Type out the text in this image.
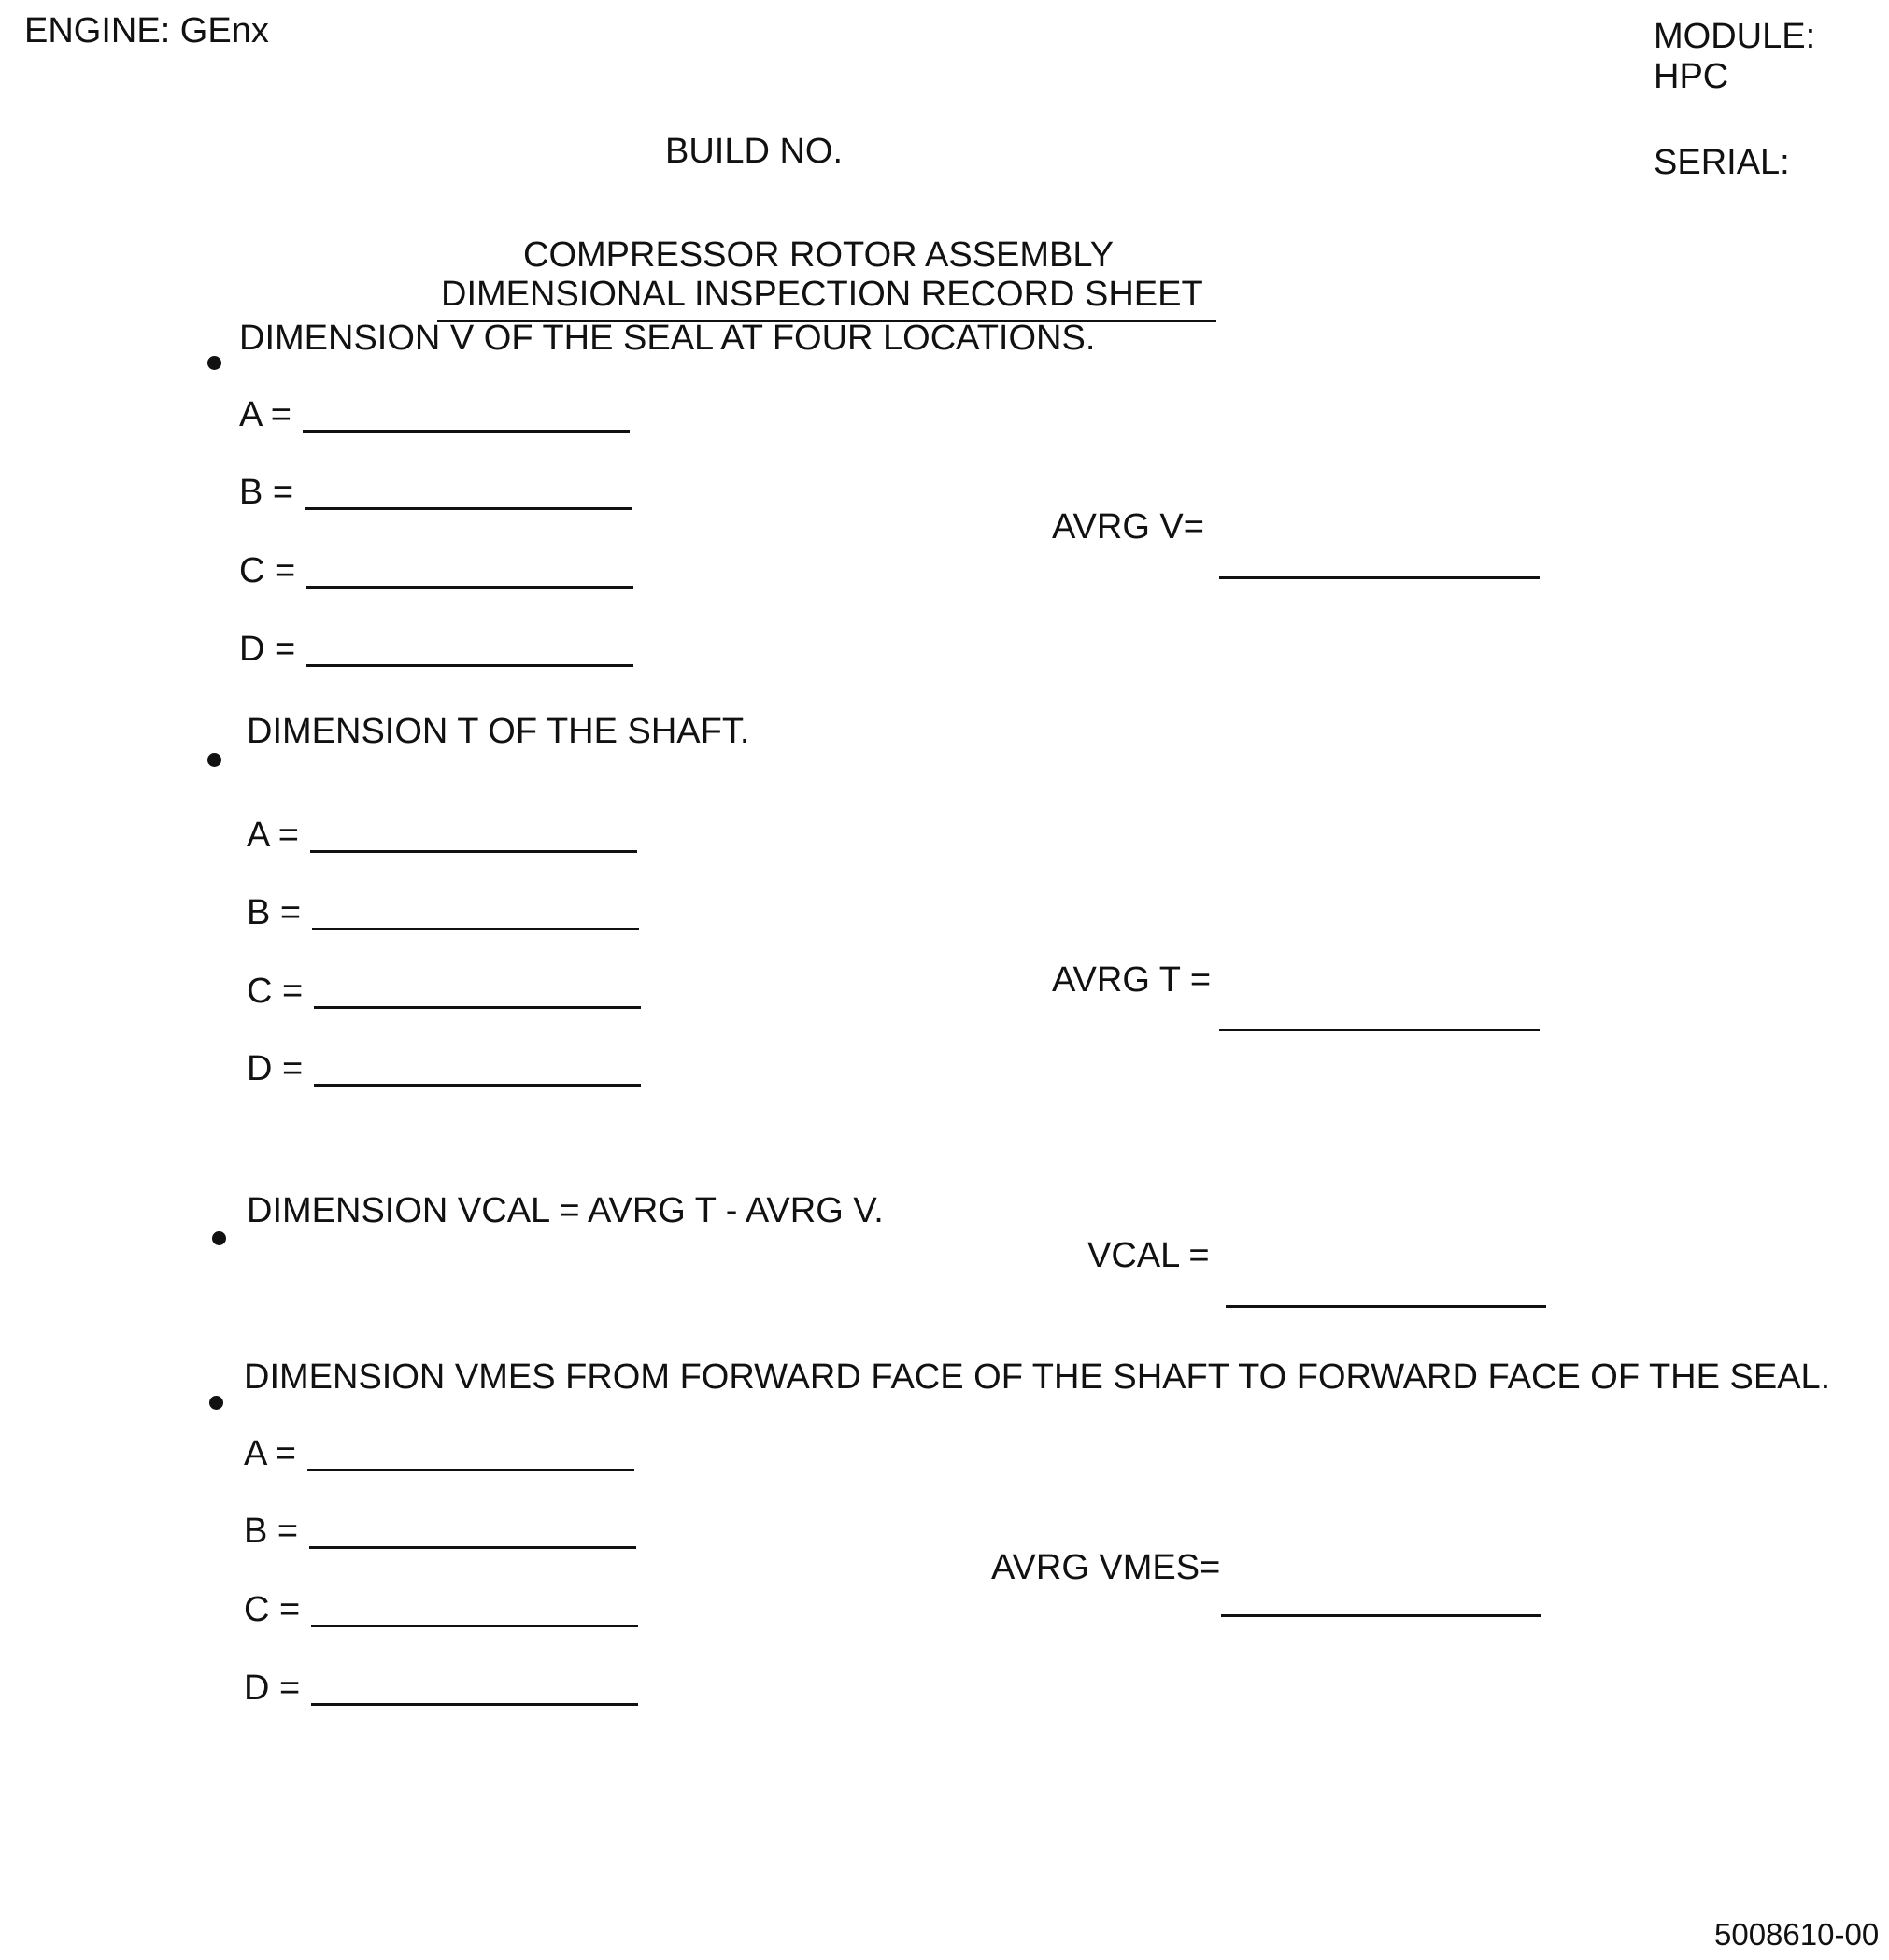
ENGINE: GEnx	MODULE:
HPC
BUILD NO.	SERIAL:
COMPRESSOR ROTOR ASSEMBLY
DIMENSIONAL INSPECTION RECORD SHEET
DIMENSION V OF THE SEAL AT FOUR LOCATIONS.
A =
B =
C =
D =
AVRG V=
DIMENSION T OF THE SHAFT.
A =
B =
C =
D =
AVRG T =
DIMENSION VCAL = AVRG T - AVRG V.
VCAL =
DIMENSION VMES FROM FORWARD FACE OF THE SHAFT TO FORWARD FACE OF THE SEAL.
A =
B =
C =
D =
AVRG VMES=
5008610-00
